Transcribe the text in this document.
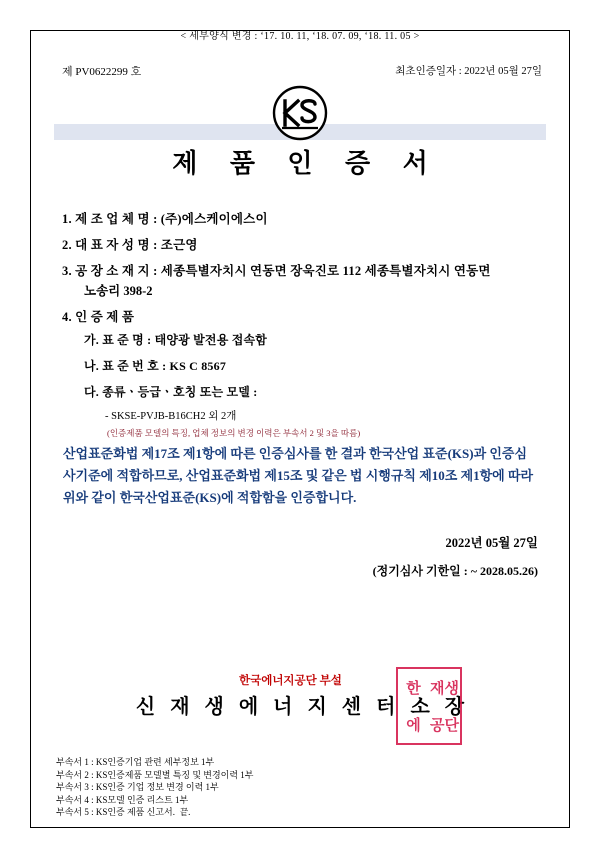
< 세부양식 변경 : ‘17. 10. 11, ‘18. 07. 09, ‘18. 11. 05 >
제 PV0622299 호	최초인증일자 : 2022년 05월 27일
제 품 인 증 서
1. 제 조 업 체 명 : (주)에스케이에스이
2. 대 표 자 성 명 : 조근영
3. 공 장 소 재 지 : 세종특별자치시 연동면 장욱진로 112 세종특별자치시 연동면
노송리 398-2
4. 인 증 제 품
가. 표 준 명 : 태양광 발전용 접속함
나. 표 준 번 호 : KS C 8567
다. 종류ㆍ등급ㆍ호칭 또는 모델 :
- SKSE-PVJB-B16CH2 외 2개
(인증제품 모델의 특징, 업체 정보의 변경 이력은 부속서 2 및 3을 따름)
산업표준화법 제17조 제1항에 따른 인증심사를 한 결과 한국산업 표준(KS)과 인증심사기준에 적합하므로, 산업표준화법 제15조 및 같은 법 시행규칙 제10조 제1항에 따라 위와 같이 한국산업표준(KS)에 적합함을 인증합니다.
2022년 05월 27일
(정기심사 기한일 : ~ 2028.05.26)
한국에너지공단 부설
신 재 생 에 너 지 센 터 소 장
한 재생
에 공단
부속서 1 : KS인증기업 관련 세부정보 1부
부속서 2 : KS인증제품 모델별 특징 및 변경이력 1부
부속서 3 : KS인증 기업 정보 변경 이력 1부
부속서 4 : KS모델 인증 리스트 1부
부속서 5 : KS인증 제품 신고서.  끝.
